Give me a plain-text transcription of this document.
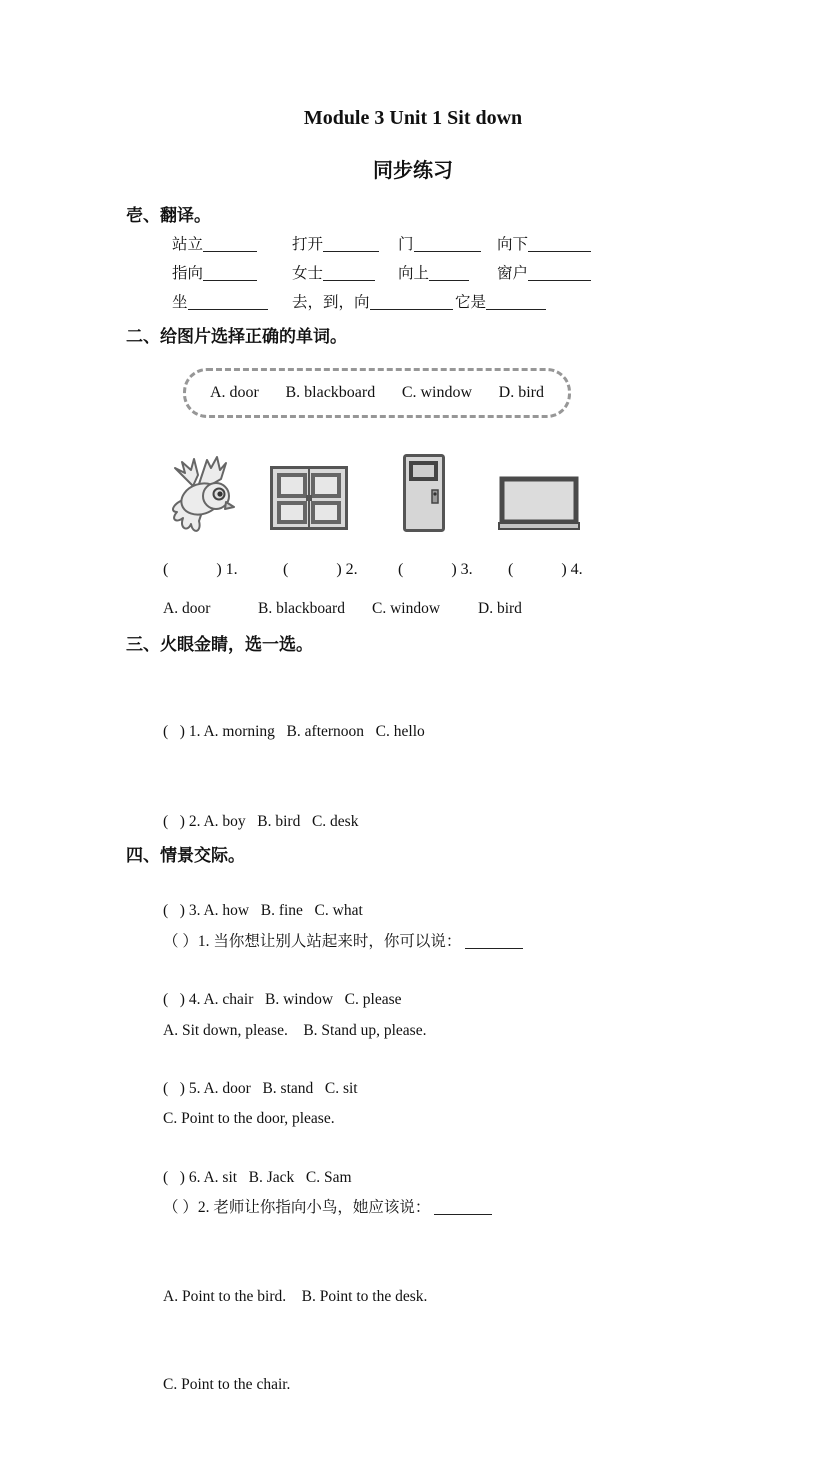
Module 3 Unit 1 Sit down
同步练习
壱、翻译。
站立	打开	门	向下
指向	女士	向上	窗户
坐	去，到，向	它是
二、给图片选择正确的单词。
A. door B. blackboard C. window D. bird
(            ) 1.	(            ) 2.	(            ) 3.	(            ) 4.
A. door	B. blackboard	C. window	D. bird
三、火眼金睛，选一选。

(   ) 1. A. morning   B. afternoon   C. hello

(   ) 2. A. boy   B. bird   C. desk

(   ) 3. A. how   B. fine   C. what

(   ) 4. A. chair   B. window   C. please

(   ) 5. A. door   B. stand   C. sit

(   ) 6. A. sit   B. Jack   C. Sam

四、情景交际。

（ ）1. 当你想让别人站起来时，你可以说：

A. Sit down, please.    B. Stand up, please.

C. Point to the door, please.

（ ）2. 老师让你指向小鸟，她应该说：

A. Point to the bird.    B. Point to the desk.

C. Point to the chair.
